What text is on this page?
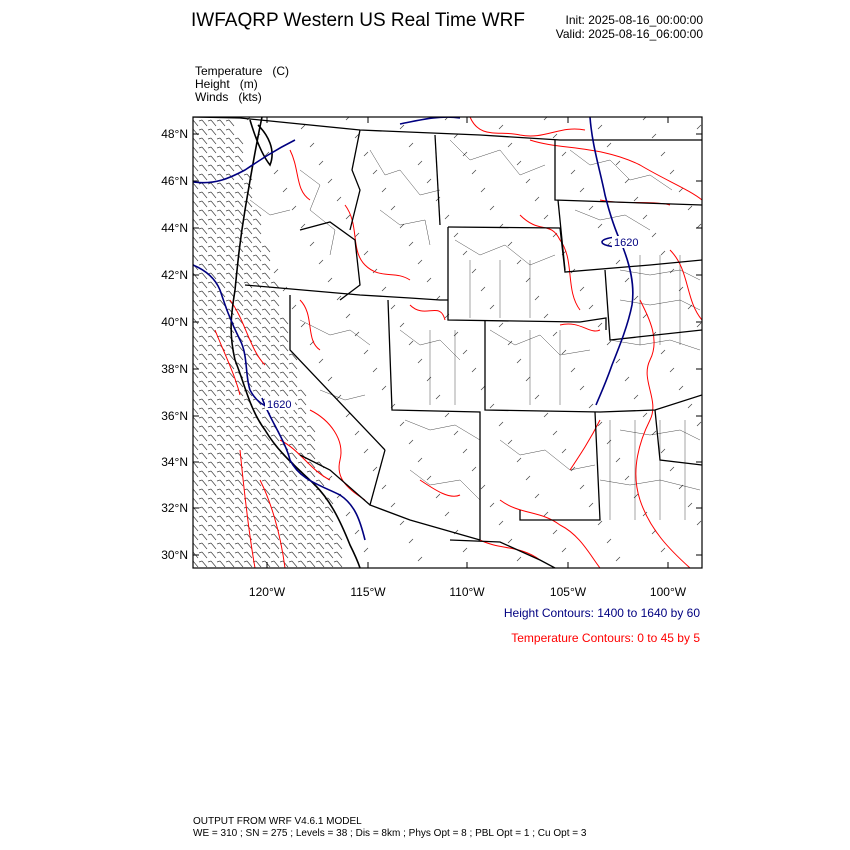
IWFAQRP Western US Real Time WRF	Init: 2025-08-16_00:00:00
Valid: 2025-08-16_06:00:00
Temperature (C)
Height (m)
Winds (kts)
1620
1620
48°N
46°N
44°N
42°N
40°N
38°N
36°N
34°N
32°N
30°N
120°W	115°W	110°W	105°W	100°W
Height Contours: 1400 to 1640 by 60
Temperature Contours: 0 to 45 by 5
OUTPUT FROM WRF V4.6.1 MODEL
WE = 310 ; SN = 275 ; Levels = 38 ; Dis = 8km ; Phys Opt = 8 ; PBL Opt = 1 ; Cu Opt = 3
